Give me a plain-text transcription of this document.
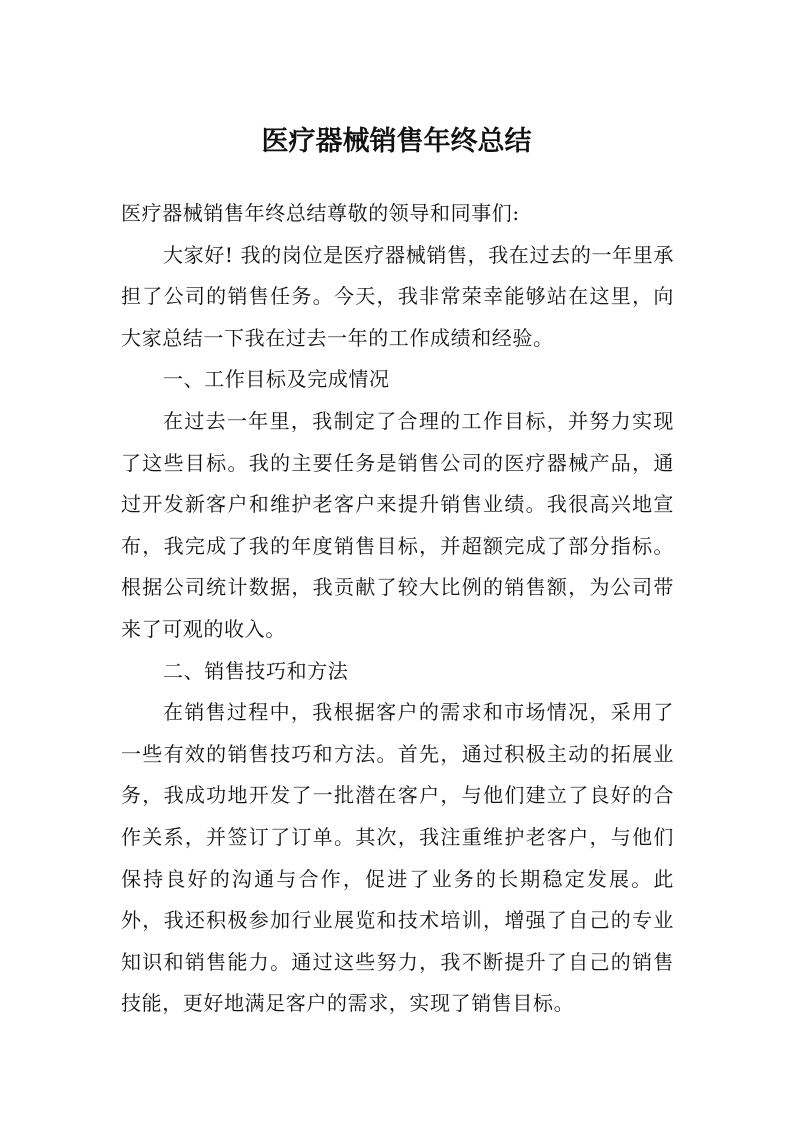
医疗器械销售年终总结

医疗器械销售年终总结尊敬的领导和同事们:

大家好! 我的岗位是医疗器械销售，我在过去的一年里承担了公司的销售任务。今天，我非常荣幸能够站在这里，向大家总结一下我在过去一年的工作成绩和经验。

一、工作目标及完成情况

在过去一年里，我制定了合理的工作目标，并努力实现了这些目标。我的主要任务是销售公司的医疗器械产品，通过开发新客户和维护老客户来提升销售业绩。我很高兴地宣布，我完成了我的年度销售目标，并超额完成了部分指标。根据公司统计数据，我贡献了较大比例的销售额，为公司带来了可观的收入。

二、销售技巧和方法

在销售过程中，我根据客户的需求和市场情况，采用了一些有效的销售技巧和方法。首先，通过积极主动的拓展业务，我成功地开发了一批潜在客户，与他们建立了良好的合作关系，并签订了订单。其次，我注重维护老客户，与他们保持良好的沟通与合作，促进了业务的长期稳定发展。此外，我还积极参加行业展览和技术培训，增强了自己的专业知识和销售能力。通过这些努力，我不断提升了自己的销售技能，更好地满足客户的需求，实现了销售目标。
